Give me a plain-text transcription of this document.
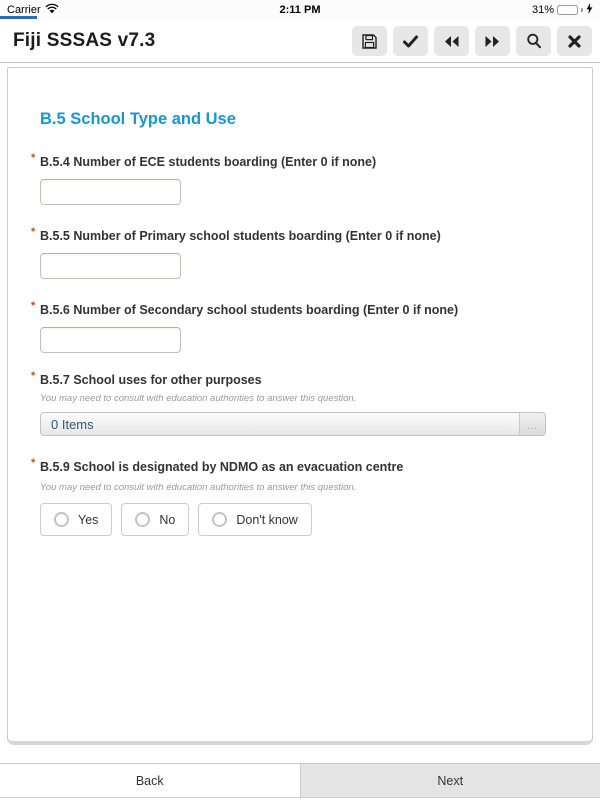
Carrier	2:11 PM	31%
Fiji SSSAS v7.3
B.5 School Type and Use
* B.5.4 Number of ECE students boarding (Enter 0 if none)
* B.5.5 Number of Primary school students boarding (Enter 0 if none)
* B.5.6 Number of Secondary school students boarding (Enter 0 if none)
* B.5.7 School uses for other purposes
You may need to consult with education authorities to answer this question.
0 Items	...
* B.5.9 School is designated by NDMO as an evacuation centre
You may need to consult with education authorities to answer this question.
Yes	No	Don't know
Back	Next
